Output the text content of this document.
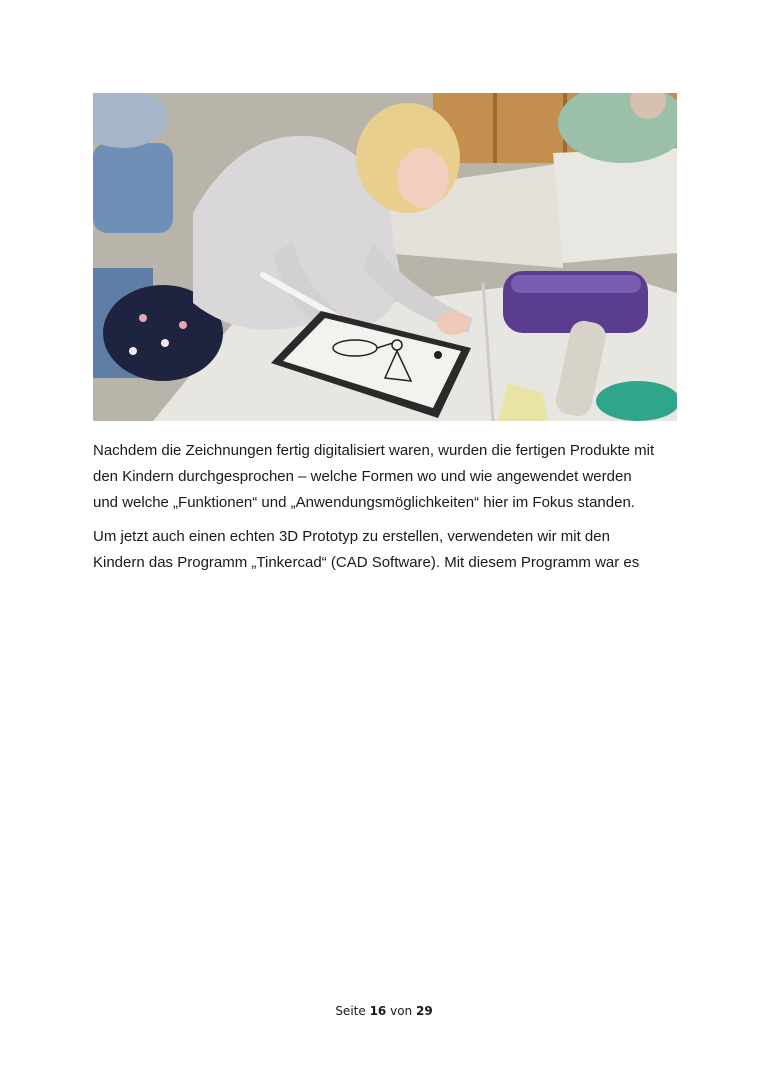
Nachdem die Zeichnungen fertig digitalisiert waren, wurden die fertigen Produkte mit
den Kindern durchgesprochen – welche Formen wo und wie angewendet werden
und welche „Funktionen“ und „Anwendungsmöglichkeiten“ hier im Fokus standen.

Um jetzt auch einen echten 3D Prototyp zu erstellen, verwendeten wir mit den
Kindern das Programm „Tinkercad“ (CAD Software). Mit diesem Programm war es

Seite 16 von 29
